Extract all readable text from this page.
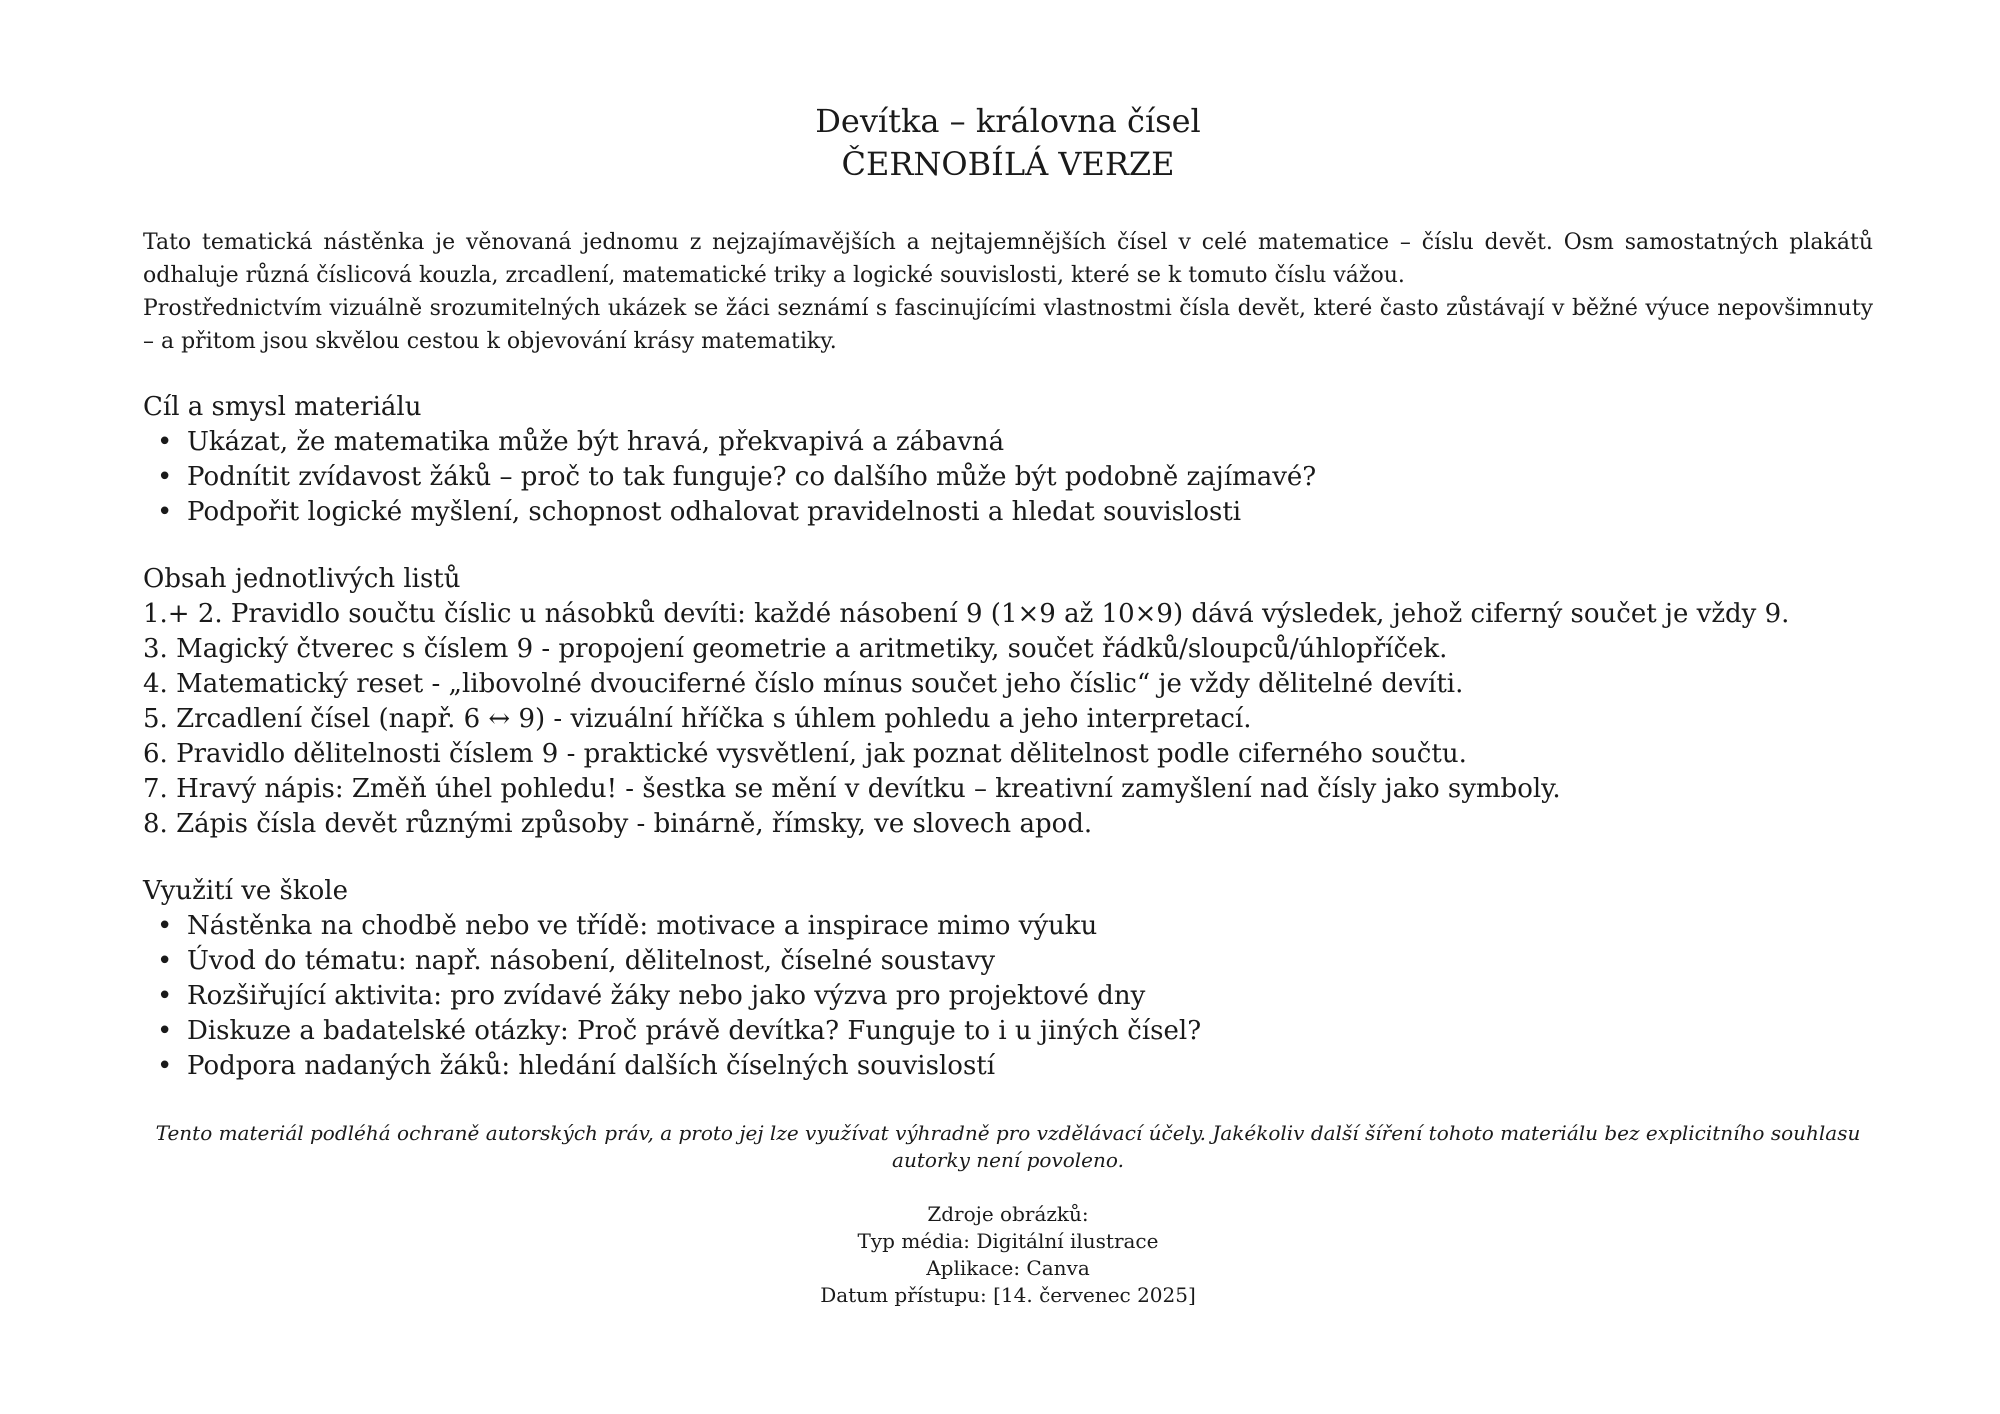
Devítka – královna čísel
ČERNOBÍLÁ VERZE

Tato tematická nástěnka je věnovaná jednomu z nejzajímavějších a nejtajemnějších čísel v celé matematice – číslu devět. Osm samostatných plakátů odhaluje různá číslicová kouzla, zrcadlení, matematické triky a logické souvislosti, které se k tomuto číslu vážou.

Prostřednictvím vizuálně srozumitelných ukázek se žáci seznámí s fascinujícími vlastnostmi čísla devět, které často zůstávají v běžné výuce nepovšimnuty – a přitom jsou skvělou cestou k objevování krásy matematiky.

Cíl a smysl materiálu
• Ukázat, že matematika může být hravá, překvapivá a zábavná
• Podnítit zvídavost žáků – proč to tak funguje? co dalšího může být podobně zajímavé?
• Podpořit logické myšlení, schopnost odhalovat pravidelnosti a hledat souvislosti
Obsah jednotlivých listů
1.+ 2. Pravidlo součtu číslic u násobků devíti: každé násobení 9 (1×9 až 10×9) dává výsledek, jehož ciferný součet je vždy 9.
3. Magický čtverec s číslem 9 - propojení geometrie a aritmetiky, součet řádků/sloupců/úhlopříček.
4. Matematický reset - „libovolné dvouciferné číslo mínus součet jeho číslic“ je vždy dělitelné devíti.
5. Zrcadlení čísel (např. 6 ↔ 9) - vizuální hříčka s úhlem pohledu a jeho interpretací.
6. Pravidlo dělitelnosti číslem 9 - praktické vysvětlení, jak poznat dělitelnost podle ciferného součtu.
7. Hravý nápis: Změň úhel pohledu! - šestka se mění v devítku – kreativní zamyšlení nad čísly jako symboly.
8. Zápis čísla devět různými způsoby - binárně, římsky, ve slovech apod.
Využití ve škole
• Nástěnka na chodbě nebo ve třídě: motivace a inspirace mimo výuku
• Úvod do tématu: např. násobení, dělitelnost, číselné soustavy
• Rozšiřující aktivita: pro zvídavé žáky nebo jako výzva pro projektové dny
• Diskuze a badatelské otázky: Proč právě devítka? Funguje to i u jiných čísel?
• Podpora nadaných žáků: hledání dalších číselných souvislostí
Tento materiál podléhá ochraně autorských práv, a proto jej lze využívat výhradně pro vzdělávací účely. Jakékoliv další šíření tohoto materiálu bez explicitního souhlasu autorky není povoleno.
Zdroje obrázků:
Typ média: Digitální ilustrace
Aplikace: Canva
Datum přístupu: [14. červenec 2025]
